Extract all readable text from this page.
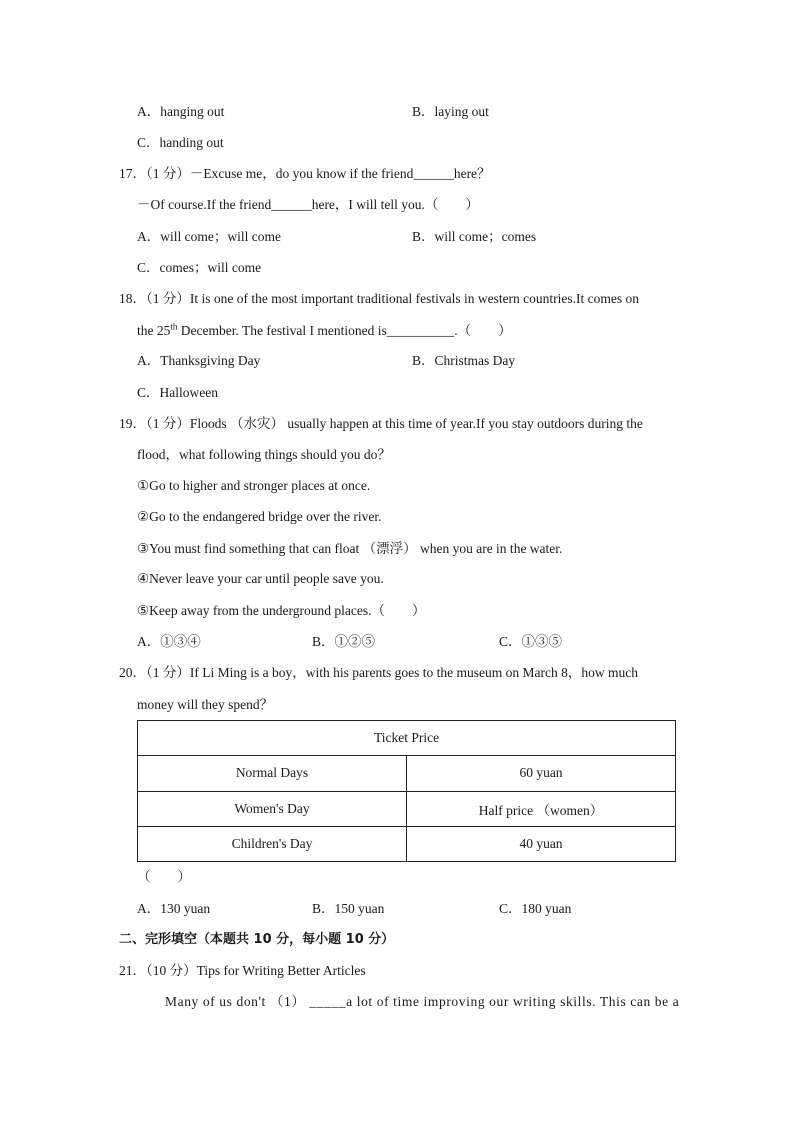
A．hanging out	B．laying out
C．handing out
17．（1 分）－Excuse me，do you know if the friend______here？
－Of course.If the friend______here，I will tell you.（　　）
A．will come；will come	B．will come；comes
C．comes；will come
18．（1 分）It is one of the most important traditional festivals in western countries.It comes on
the 25th December. The festival I mentioned is__________.（　　）
A．Thanksgiving Day	B．Christmas Day
C．Halloween
19．（1 分）Floods （水灾） usually happen at this time of year.If you stay outdoors during the
flood，what following things should you do？
①Go to higher and stronger places at once.
②Go to the endangered bridge over the river.
③You must find something that can float （漂浮） when you are in the water.
④Never leave your car until people save you.
⑤Keep away from the underground places.（　　）
A．①③④	B．①②⑤	C．①③⑤
20．（1 分）If Li Ming is a boy，with his parents goes to the museum on March 8，how much
money will they spend？
Ticket Price	
Normal Days	60 yuan
Women's Day	Half price （women）
Children's Day	40 yuan
（　　）
A．130 yuan	B．150 yuan	C．180 yuan
二、完形填空（本题共 10 分，每小题 10 分）
21．（10 分）Tips for Writing Better Articles
Many of us don't （1） _____a lot of time improving our writing skills. This can be a
